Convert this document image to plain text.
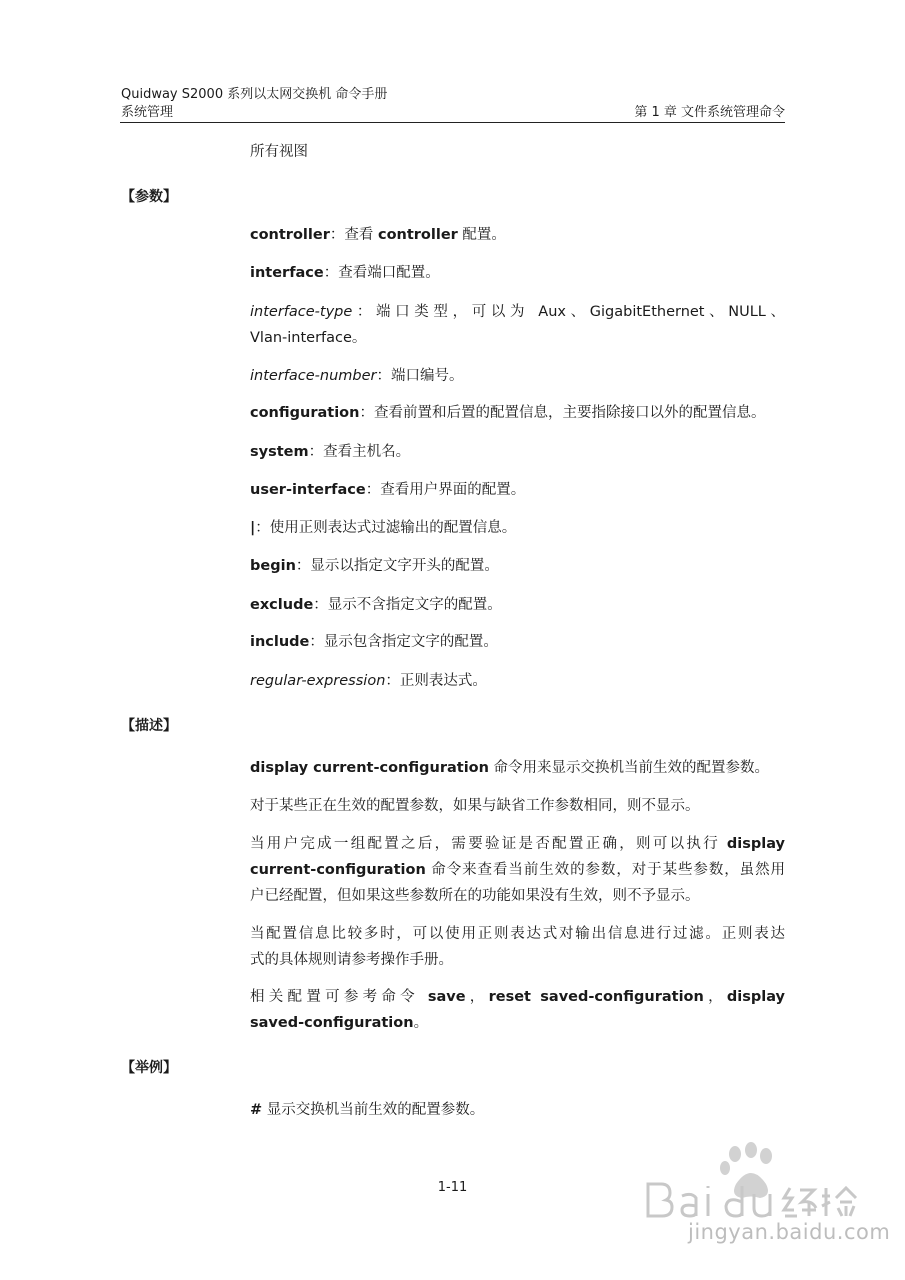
Quidway S2000 系列以太网交换机 命令手册
系统管理	第 1 章 文件系统管理命令
所有视图
【参数】
controller：查看 controller 配置。
interface：查看端口配置。
interface-type：端口类型，可以为 Aux、GigabitEthernet、NULL、
Vlan-interface。
interface-number：端口编号。
configuration：查看前置和后置的配置信息，主要指除接口以外的配置信息。
system：查看主机名。
user-interface：查看用户界面的配置。
|：使用正则表达式过滤输出的配置信息。
begin：显示以指定文字开头的配置。
exclude：显示不含指定文字的配置。
include：显示包含指定文字的配置。
regular-expression：正则表达式。
【描述】
display current-configuration 命令用来显示交换机当前生效的配置参数。
对于某些正在生效的配置参数，如果与缺省工作参数相同，则不显示。
当用户完成一组配置之后，需要验证是否配置正确，则可以执行 display
current-configuration 命令来查看当前生效的参数，对于某些参数，虽然用
户已经配置，但如果这些参数所在的功能如果没有生效，则不予显示。
当配置信息比较多时，可以使用正则表达式对输出信息进行过滤。正则表达
式的具体规则请参考操作手册。
相关配置可参考命令 save，reset saved-configuration，display
saved-configuration。
【举例】
# 显示交换机当前生效的配置参数。
1-11
jingyan.baidu.com
